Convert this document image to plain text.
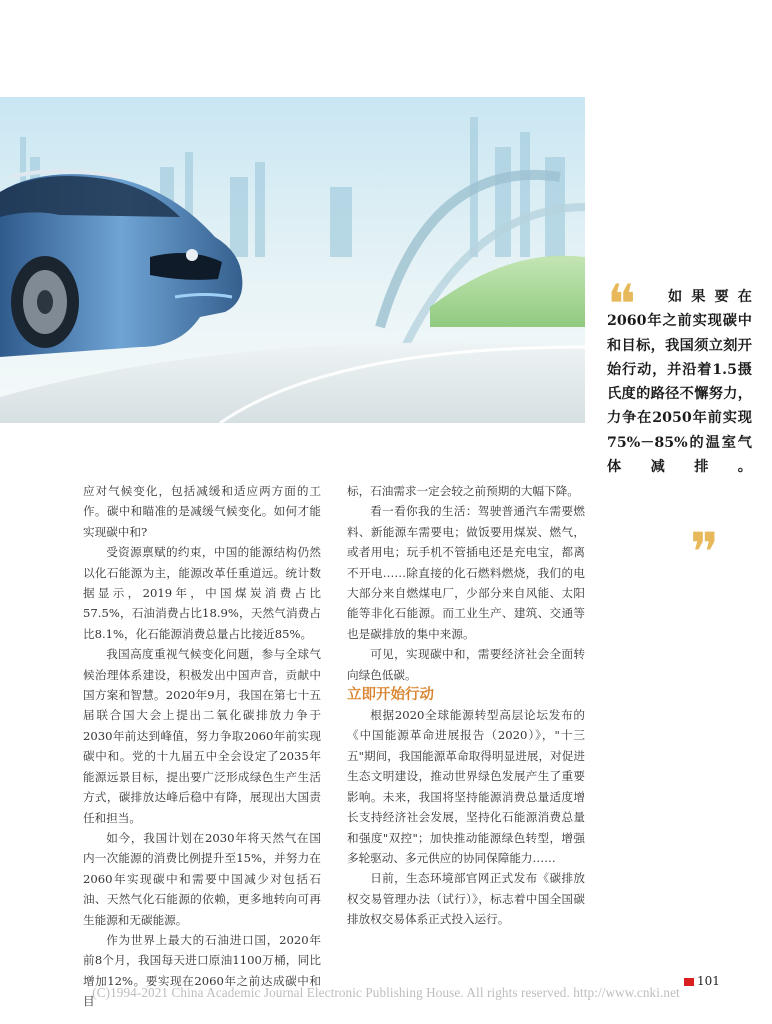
❝	如果要在2060年之前实现碳中和目标，我国须立刻开始行动，并沿着1.5摄氏度的路径不懈努力，力争在2050年前实现75%－85%的温室气体减排。
❞

应对气候变化，包括减缓和适应两方面的工作。碳中和瞄准的是减缓气候变化。如何才能实现碳中和?

受资源禀赋的约束，中国的能源结构仍然以化石能源为主，能源改革任重道远。统计数据显示，2019年，中国煤炭消费占比57.5%，石油消费占比18.9%，天然气消费占比8.1%，化石能源消费总量占比接近85%。

我国高度重视气候变化问题，参与全球气候治理体系建设，积极发出中国声音，贡献中国方案和智慧。2020年9月，我国在第七十五届联合国大会上提出二氧化碳排放力争于2030年前达到峰值，努力争取2060年前实现碳中和。党的十九届五中全会设定了2035年能源远景目标，提出要广泛形成绿色生产生活方式，碳排放达峰后稳中有降，展现出大国责任和担当。

如今，我国计划在2030年将天然气在国内一次能源的消费比例提升至15%，并努力在2060年实现碳中和需要中国减少对包括石油、天然气化石能源的依赖，更多地转向可再生能源和无碳能源。

作为世界上最大的石油进口国，2020年前8个月，我国每天进口原油1100万桶，同比增加12%。要实现在2060年之前达成碳中和目

标，石油需求一定会较之前预期的大幅下降。

看一看你我的生活：驾驶普通汽车需要燃料、新能源车需要电；做饭要用煤炭、燃气，或者用电；玩手机不管插电还是充电宝，都离不开电……除直接的化石燃料燃烧，我们的电大部分来自燃煤电厂，少部分来自风能、太阳能等非化石能源。而工业生产、建筑、交通等也是碳排放的集中来源。

可见，实现碳中和，需要经济社会全面转向绿色低碳。

立即开始行动

根据2020全球能源转型高层论坛发布的《中国能源革命进展报告（2020）》，"十三五"期间，我国能源革命取得明显进展，对促进生态文明建设，推动世界绿色发展产生了重要影响。未来，我国将坚持能源消费总量适度增长支持经济社会发展，坚持化石能源消费总量和强度"双控"；加快推动能源绿色转型，增强多轮驱动、多元供应的协同保障能力……

日前，生态环境部官网正式发布《碳排放权交易管理办法（试行）》，标志着中国全国碳排放权交易体系正式投入运行。

101
(C)1994-2021 China Academic Journal Electronic Publishing House. All rights reserved. http://www.cnki.net
